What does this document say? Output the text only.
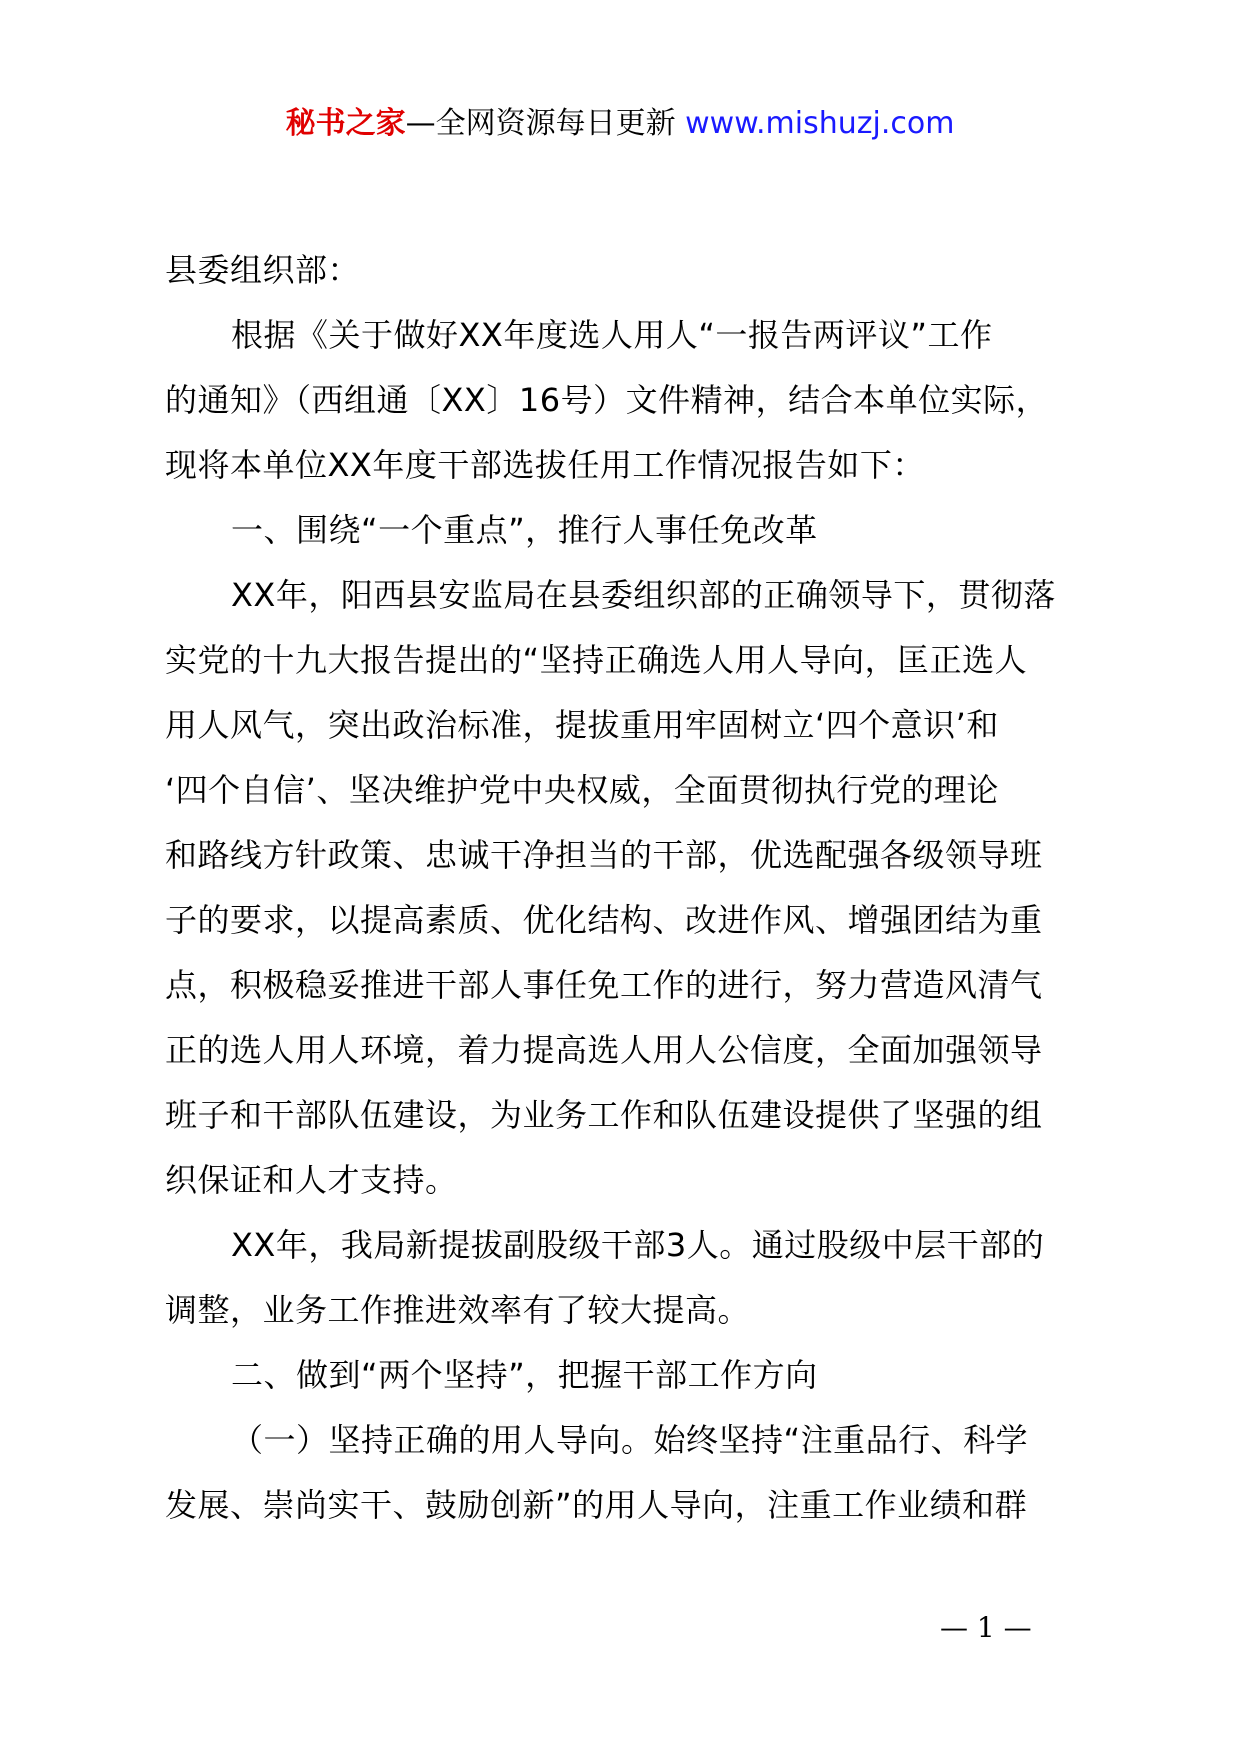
秘书之家—全网资源每日更新 www.mishuzj.com
县委组织部：
根据《关于做好XX年度选人用人“一报告两评议”工作
的通知》（西组通〔XX〕16号）文件精神，结合本单位实际，
现将本单位XX年度干部选拔任用工作情况报告如下：
一、围绕“一个重点”，推行人事任免改革
XX年，阳西县安监局在县委组织部的正确领导下，贯彻落
实党的十九大报告提出的“坚持正确选人用人导向，匡正选人
用人风气，突出政治标准，提拔重用牢固树立‘四个意识’和
‘四个自信’、坚决维护党中央权威，全面贯彻执行党的理论
和路线方针政策、忠诚干净担当的干部，优选配强各级领导班
子的要求，以提高素质、优化结构、改进作风、增强团结为重
点，积极稳妥推进干部人事任免工作的进行，努力营造风清气
正的选人用人环境，着力提高选人用人公信度，全面加强领导
班子和干部队伍建设，为业务工作和队伍建设提供了坚强的组
织保证和人才支持。
XX年，我局新提拔副股级干部3人。通过股级中层干部的
调整，业务工作推进效率有了较大提高。
二、做到“两个坚持”，把握干部工作方向
（一）坚持正确的用人导向。始终坚持“注重品行、科学
发展、崇尚实干、鼓励创新”的用人导向，注重工作业绩和群
— 1 —
